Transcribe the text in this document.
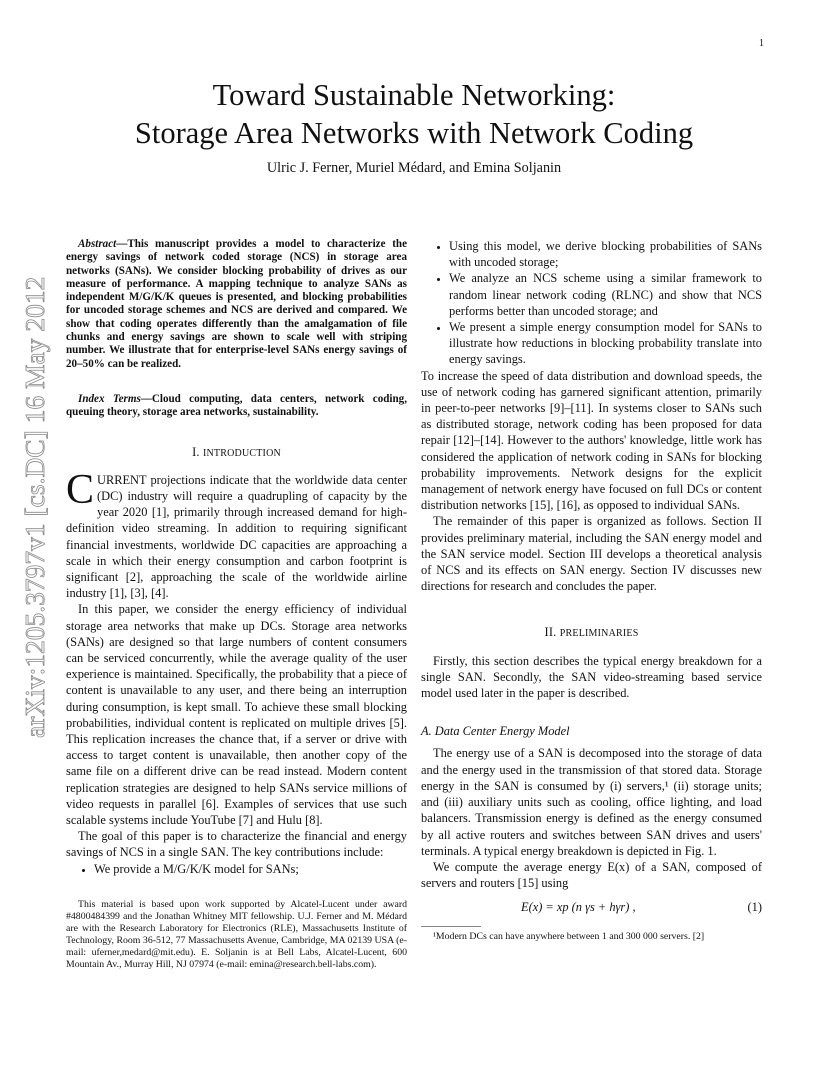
1
arXiv:1205.3797v1 [cs.DC] 16 May 2012
Toward Sustainable Networking:
Storage Area Networks with Network Coding
Ulric J. Ferner, Muriel Médard, and Emina Soljanin

Abstract—This manuscript provides a model to characterize the energy savings of network coded storage (NCS) in storage area networks (SANs). We consider blocking probability of drives as our measure of performance. A mapping technique to analyze SANs as independent M/G/K/K queues is presented, and blocking probabilities for uncoded storage schemes and NCS are derived and compared. We show that coding operates differently than the amalgamation of file chunks and energy savings are shown to scale well with striping number. We illustrate that for enterprise-level SANs energy savings of 20–50% can be realized.

Index Terms—Cloud computing, data centers, network coding, queuing theory, storage area networks, sustainability.

I. INTRODUCTION

CURRENT projections indicate that the worldwide data center (DC) industry will require a quadrupling of capacity by the year 2020 [1], primarily through increased demand for high-definition video streaming. In addition to requiring significant financial investments, worldwide DC capacities are approaching a scale in which their energy consumption and carbon footprint is significant [2], approaching the scale of the worldwide airline industry [1], [3], [4].

In this paper, we consider the energy efficiency of individual storage area networks that make up DCs. Storage area networks (SANs) are designed so that large numbers of content consumers can be serviced concurrently, while the average quality of the user experience is maintained. Specifically, the probability that a piece of content is unavailable to any user, and there being an interruption during consumption, is kept small. To achieve these small blocking probabilities, individual content is replicated on multiple drives [5]. This replication increases the chance that, if a server or drive with access to target content is unavailable, then another copy of the same file on a different drive can be read instead. Modern content replication strategies are designed to help SANs service millions of video requests in parallel [6]. Examples of services that use such scalable systems include YouTube [7] and Hulu [8].

The goal of this paper is to characterize the financial and energy savings of NCS in a single SAN. The key contributions include:

• We provide a M/G/K/K model for SANs;
This material is based upon work supported by Alcatel-Lucent under award #4800484399 and the Jonathan Whitney MIT fellowship. U.J. Ferner and M. Médard are with the Research Laboratory for Electronics (RLE), Massachusetts Institute of Technology, Room 36-512, 77 Massachusetts Avenue, Cambridge, MA 02139 USA (e-mail: uferner,medard@mit.edu). E. Soljanin is at Bell Labs, Alcatel-Lucent, 600 Mountain Av., Murray Hill, NJ 07974 (e-mail: emina@research.bell-labs.com).
• Using this model, we derive blocking probabilities of SANs with uncoded storage;
• We analyze an NCS scheme using a similar framework to random linear network coding (RLNC) and show that NCS performs better than uncoded storage; and
• We present a simple energy consumption model for SANs to illustrate how reductions in blocking probability translate into energy savings.

To increase the speed of data distribution and download speeds, the use of network coding has garnered significant attention, primarily in peer-to-peer networks [9]–[11]. In systems closer to SANs such as distributed storage, network coding has been proposed for data repair [12]–[14]. However to the authors' knowledge, little work has considered the application of network coding in SANs for blocking probability improvements. Network designs for the explicit management of network energy have focused on full DCs or content distribution networks [15], [16], as opposed to individual SANs.

The remainder of this paper is organized as follows. Section II provides preliminary material, including the SAN energy model and the SAN service model. Section III develops a theoretical analysis of NCS and its effects on SAN energy. Section IV discusses new directions for research and concludes the paper.

II. PRELIMINARIES

Firstly, this section describes the typical energy breakdown for a single SAN. Secondly, the SAN video-streaming based service model used later in the paper is described.

A. Data Center Energy Model

The energy use of a SAN is decomposed into the storage of data and the energy used in the transmission of that stored data. Storage energy in the SAN is consumed by (i) servers,¹ (ii) storage units; and (iii) auxiliary units such as cooling, office lighting, and load balancers. Transmission energy is defined as the energy consumed by all active routers and switches between SAN drives and users' terminals. A typical energy breakdown is depicted in Fig. 1.

We compute the average energy E(x) of a SAN, composed of servers and routers [15] using

E(x) = xp (n γs + hγr) ,	(1)
¹Modern DCs can have anywhere between 1 and 300 000 servers. [2]
